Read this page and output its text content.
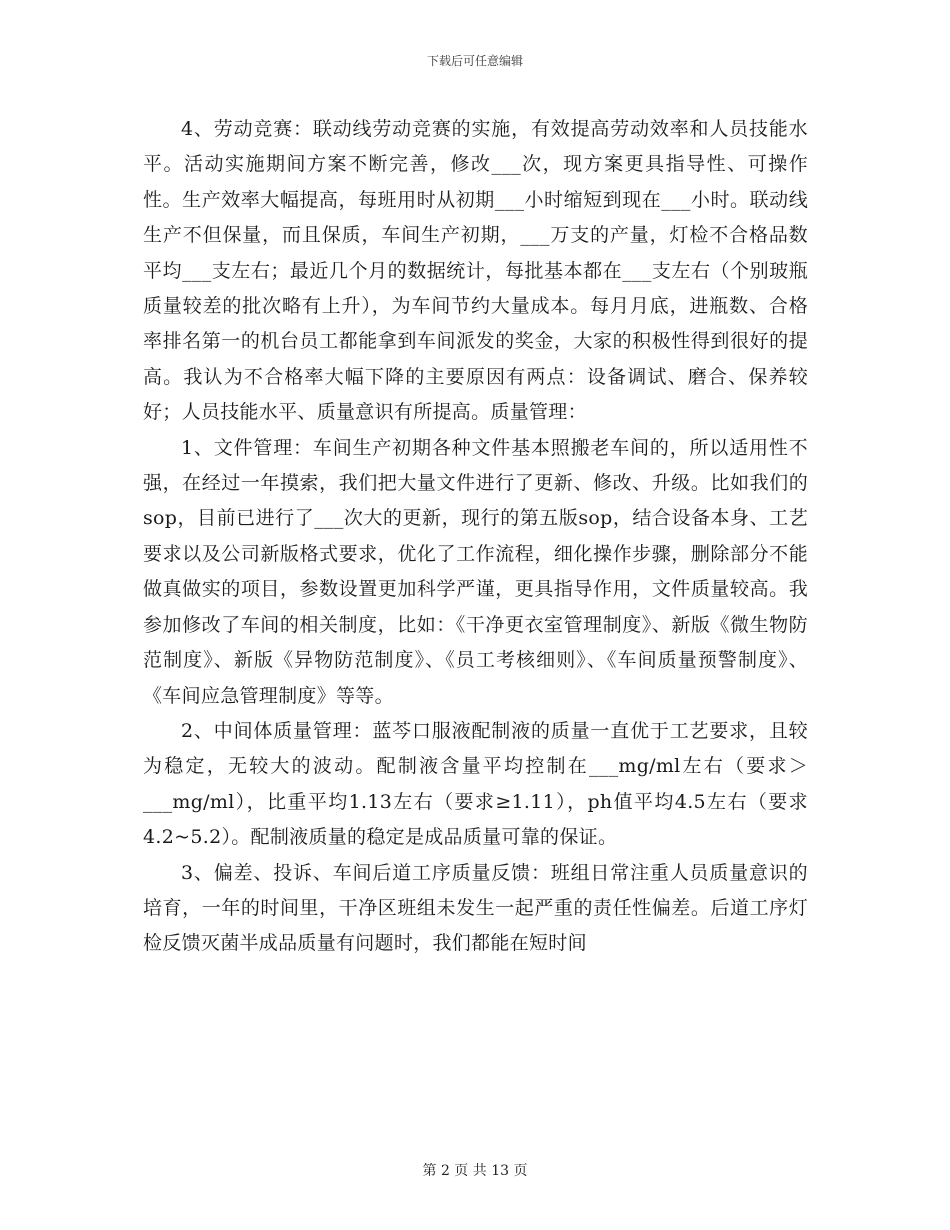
下载后可任意编辑

4、劳动竞赛：联动线劳动竞赛的实施，有效提高劳动效率和人员技能水平。活动实施期间方案不断完善，修改___次，现方案更具指导性、可操作性。生产效率大幅提高，每班用时从初期___小时缩短到现在___小时。联动线生产不但保量，而且保质，车间生产初期，___万支的产量，灯检不合格品数平均___支左右；最近几个月的数据统计，每批基本都在___支左右（个别玻瓶质量较差的批次略有上升），为车间节约大量成本。每月月底，进瓶数、合格率排名第一的机台员工都能拿到车间派发的奖金，大家的积极性得到很好的提高。我认为不合格率大幅下降的主要原因有两点：设备调试、磨合、保养较好；人员技能水平、质量意识有所提高。质量管理：

1、文件管理：车间生产初期各种文件基本照搬老车间的，所以适用性不强，在经过一年摸索，我们把大量文件进行了更新、修改、升级。比如我们的sop，目前已进行了___次大的更新，现行的第五版sop，结合设备本身、工艺要求以及公司新版格式要求，优化了工作流程，细化操作步骤，删除部分不能做真做实的项目，参数设置更加科学严谨，更具指导作用，文件质量较高。我参加修改了车间的相关制度，比如：《干净更衣室管理制度》、新版《微生物防范制度》、新版《异物防范制度》、《员工考核细则》、《车间质量预警制度》、《车间应急管理制度》等等。

2、中间体质量管理：蓝芩口服液配制液的质量一直优于工艺要求，且较为稳定，无较大的波动。配制液含量平均控制在___mg/ml左右（要求＞___mg/ml），比重平均1.13左右（要求≥1.11），ph值平均4.5左右（要求4.2~5.2）。配制液质量的稳定是成品质量可靠的保证。

3、偏差、投诉、车间后道工序质量反馈：班组日常注重人员质量意识的培育，一年的时间里，干净区班组未发生一起严重的责任性偏差。后道工序灯检反馈灭菌半成品质量有问题时，我们都能在短时间

第 2 页 共 13 页
